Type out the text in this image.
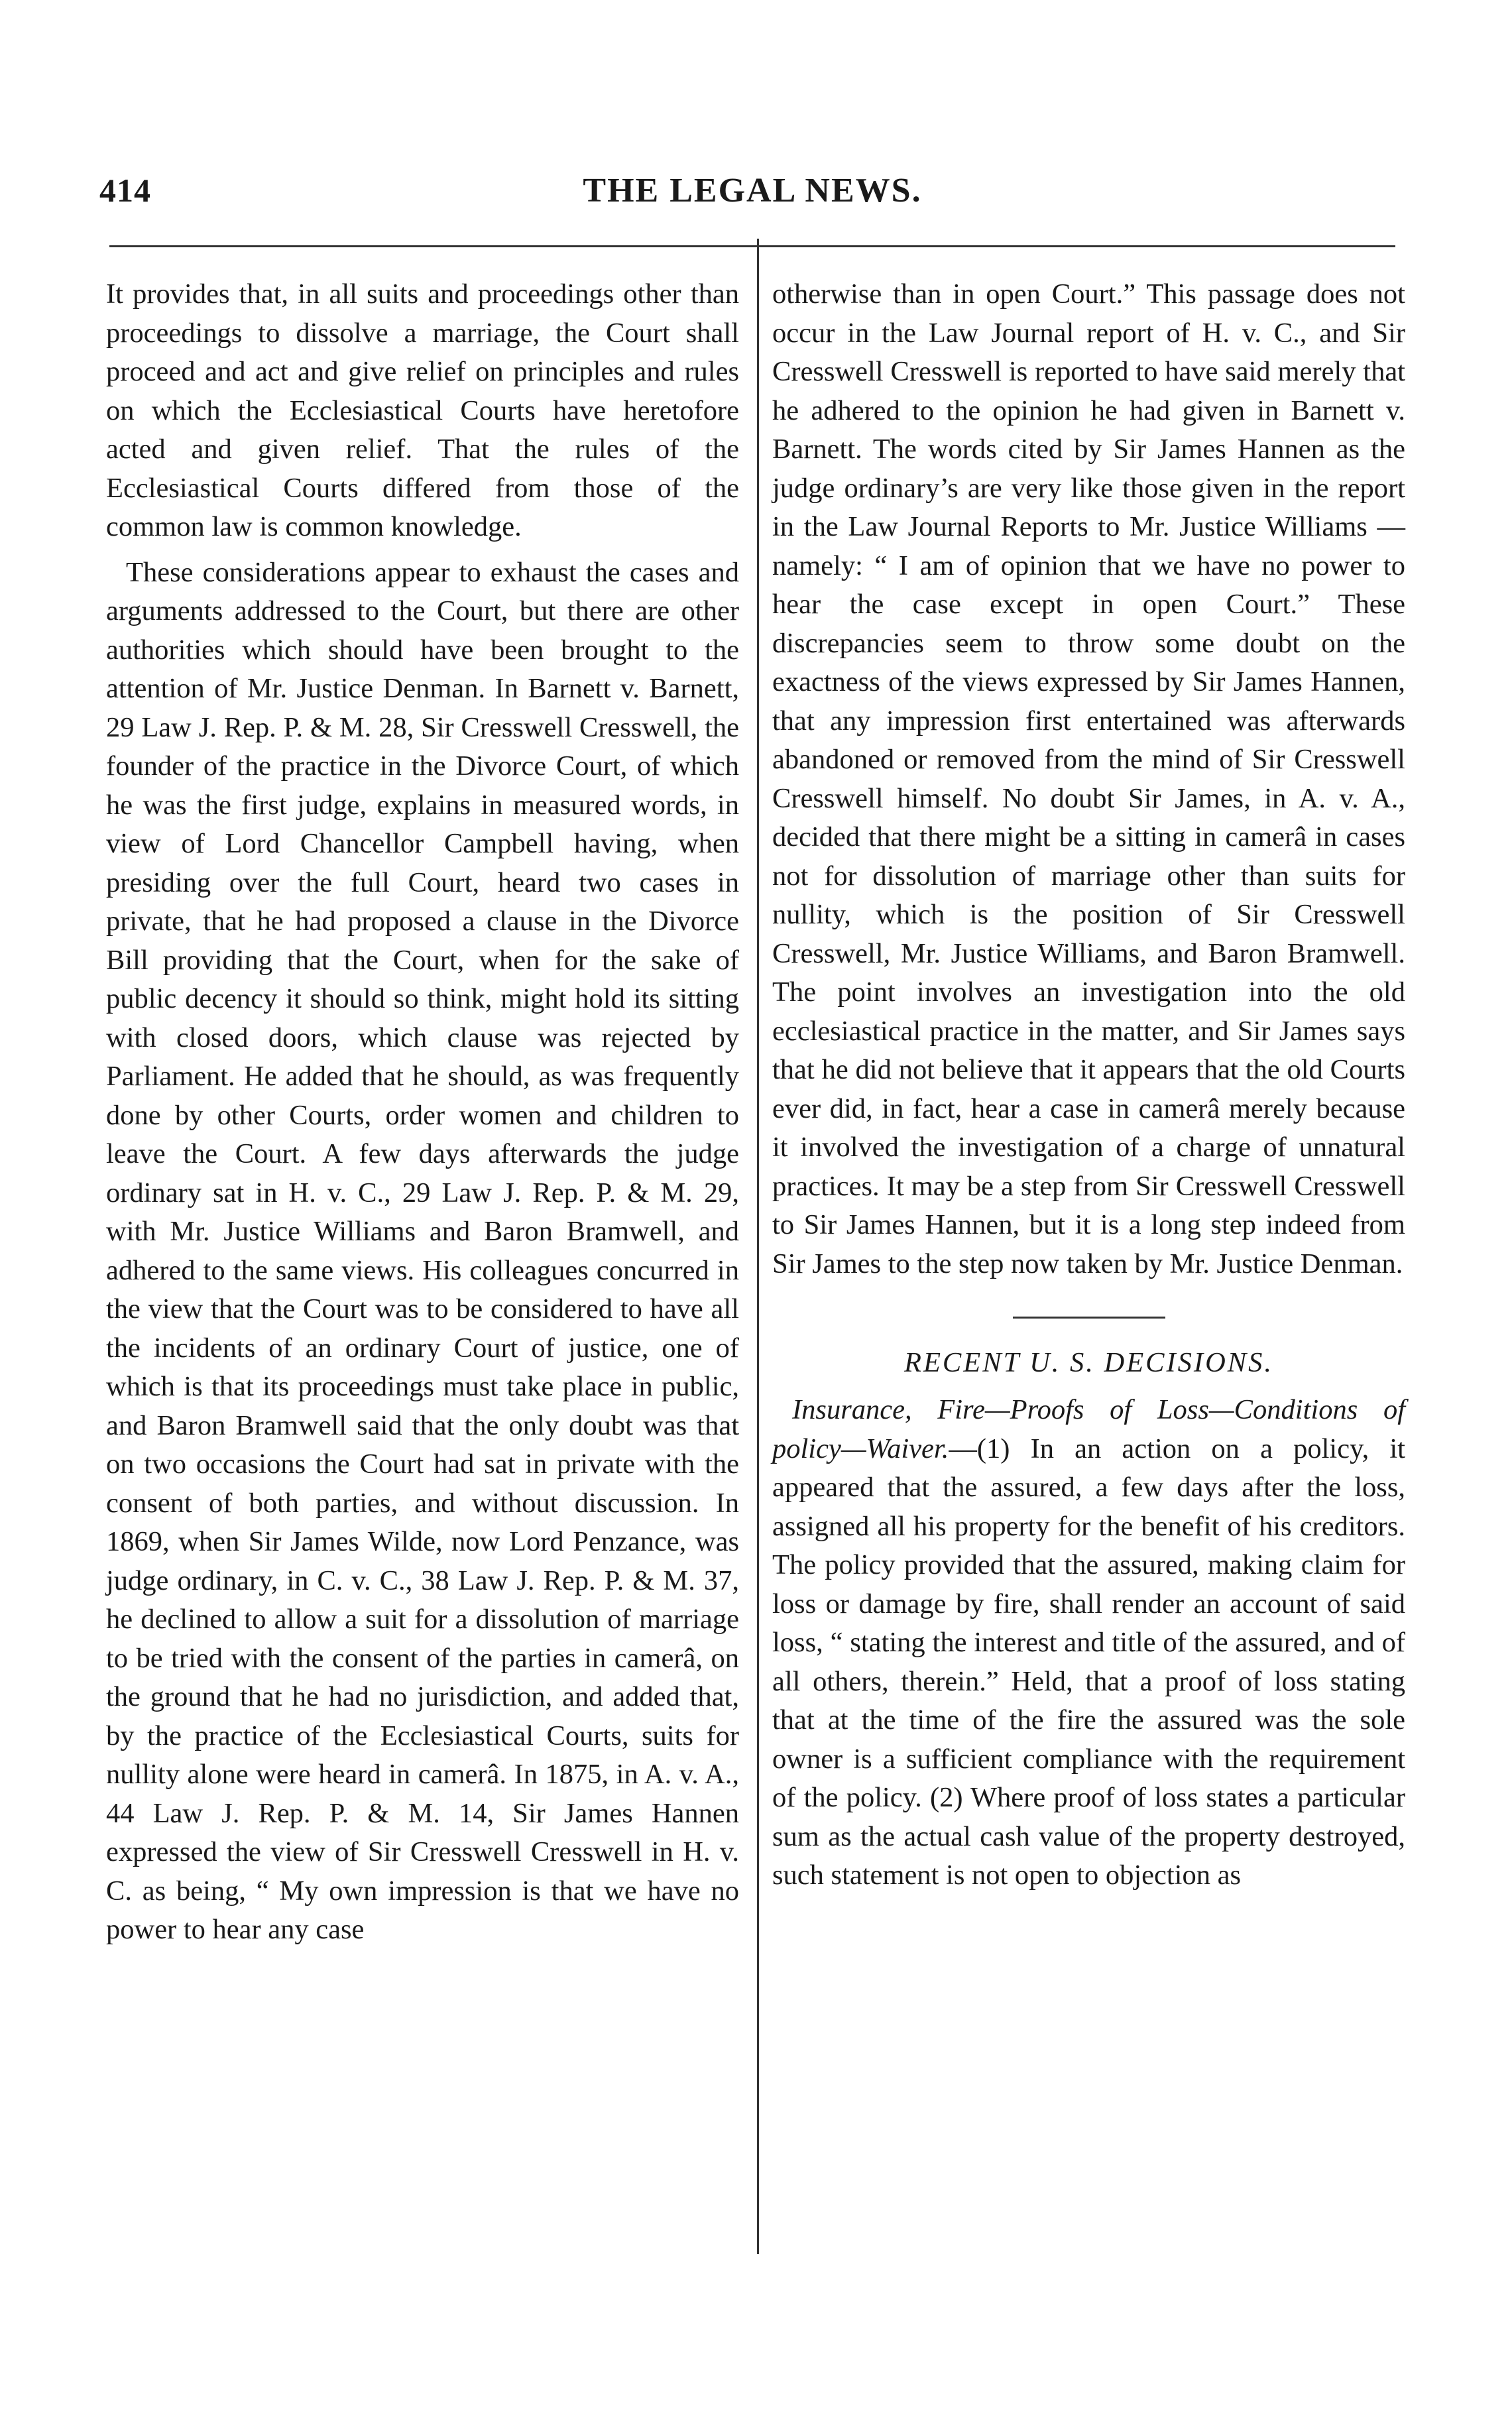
414	THE LEGAL NEWS.

It provides that, in all suits and proceedings other than proceedings to dissolve a marriage, the Court shall proceed and act and give relief on principles and rules on which the Ecclesiastical Courts have heretofore acted and given relief. That the rules of the Ecclesiastical Courts differed from those of the common law is common knowledge.

These considerations appear to exhaust the cases and arguments addressed to the Court, but there are other authorities which should have been brought to the attention of Mr. Justice Denman. In Barnett v. Barnett, 29 Law J. Rep. P. & M. 28, Sir Cresswell Cresswell, the founder of the practice in the Divorce Court, of which he was the first judge, explains in measured words, in view of Lord Chancellor Campbell having, when presiding over the full Court, heard two cases in private, that he had proposed a clause in the Divorce Bill providing that the Court, when for the sake of public decency it should so think, might hold its sitting with closed doors, which clause was rejected by Parliament. He added that he should, as was frequently done by other Courts, order women and children to leave the Court. A few days afterwards the judge ordinary sat in H. v. C., 29 Law J. Rep. P. & M. 29, with Mr. Justice Williams and Baron Bramwell, and adhered to the same views. His colleagues concurred in the view that the Court was to be considered to have all the incidents of an ordinary Court of justice, one of which is that its proceedings must take place in public, and Baron Bramwell said that the only doubt was that on two occasions the Court had sat in private with the consent of both parties, and without discussion. In 1869, when Sir James Wilde, now Lord Penzance, was judge ordinary, in C. v. C., 38 Law J. Rep. P. & M. 37, he declined to allow a suit for a dissolution of marriage to be tried with the consent of the parties in camerâ, on the ground that he had no jurisdiction, and added that, by the practice of the Ecclesiastical Courts, suits for nullity alone were heard in camerâ. In 1875, in A. v. A., 44 Law J. Rep. P. & M. 14, Sir James Hannen expressed the view of Sir Cresswell Cresswell in H. v. C. as being, “ My own impression is that we have no power to hear any case

otherwise than in open Court.” This passage does not occur in the Law Journal report of H. v. C., and Sir Cresswell Cresswell is reported to have said merely that he adhered to the opinion he had given in Barnett v. Barnett. The words cited by Sir James Hannen as the judge ordinary’s are very like those given in the report in the Law Journal Reports to Mr. Justice Williams —namely: “ I am of opinion that we have no power to hear the case except in open Court.” These discrepancies seem to throw some doubt on the exactness of the views expressed by Sir James Hannen, that any impression first entertained was afterwards abandoned or removed from the mind of Sir Cresswell Cresswell himself. No doubt Sir James, in A. v. A., decided that there might be a sitting in camerâ in cases not for dissolution of marriage other than suits for nullity, which is the position of Sir Cresswell Cresswell, Mr. Justice Williams, and Baron Bramwell. The point involves an investigation into the old ecclesiastical practice in the matter, and Sir James says that he did not believe that it appears that the old Courts ever did, in fact, hear a case in camerâ merely because it involved the investigation of a charge of unnatural practices. It may be a step from Sir Cresswell Cresswell to Sir James Hannen, but it is a long step indeed from Sir James to the step now taken by Mr. Justice Denman.

RECENT U. S. DECISIONS.

Insurance, Fire—Proofs of Loss—Conditions of policy—Waiver.—(1) In an action on a policy, it appeared that the assured, a few days after the loss, assigned all his property for the benefit of his creditors. The policy provided that the assured, making claim for loss or damage by fire, shall render an account of said loss, “ stating the interest and title of the assured, and of all others, therein.” Held, that a proof of loss stating that at the time of the fire the assured was the sole owner is a sufficient compliance with the requirement of the policy. (2) Where proof of loss states a particular sum as the actual cash value of the property destroyed, such statement is not open to objection as
